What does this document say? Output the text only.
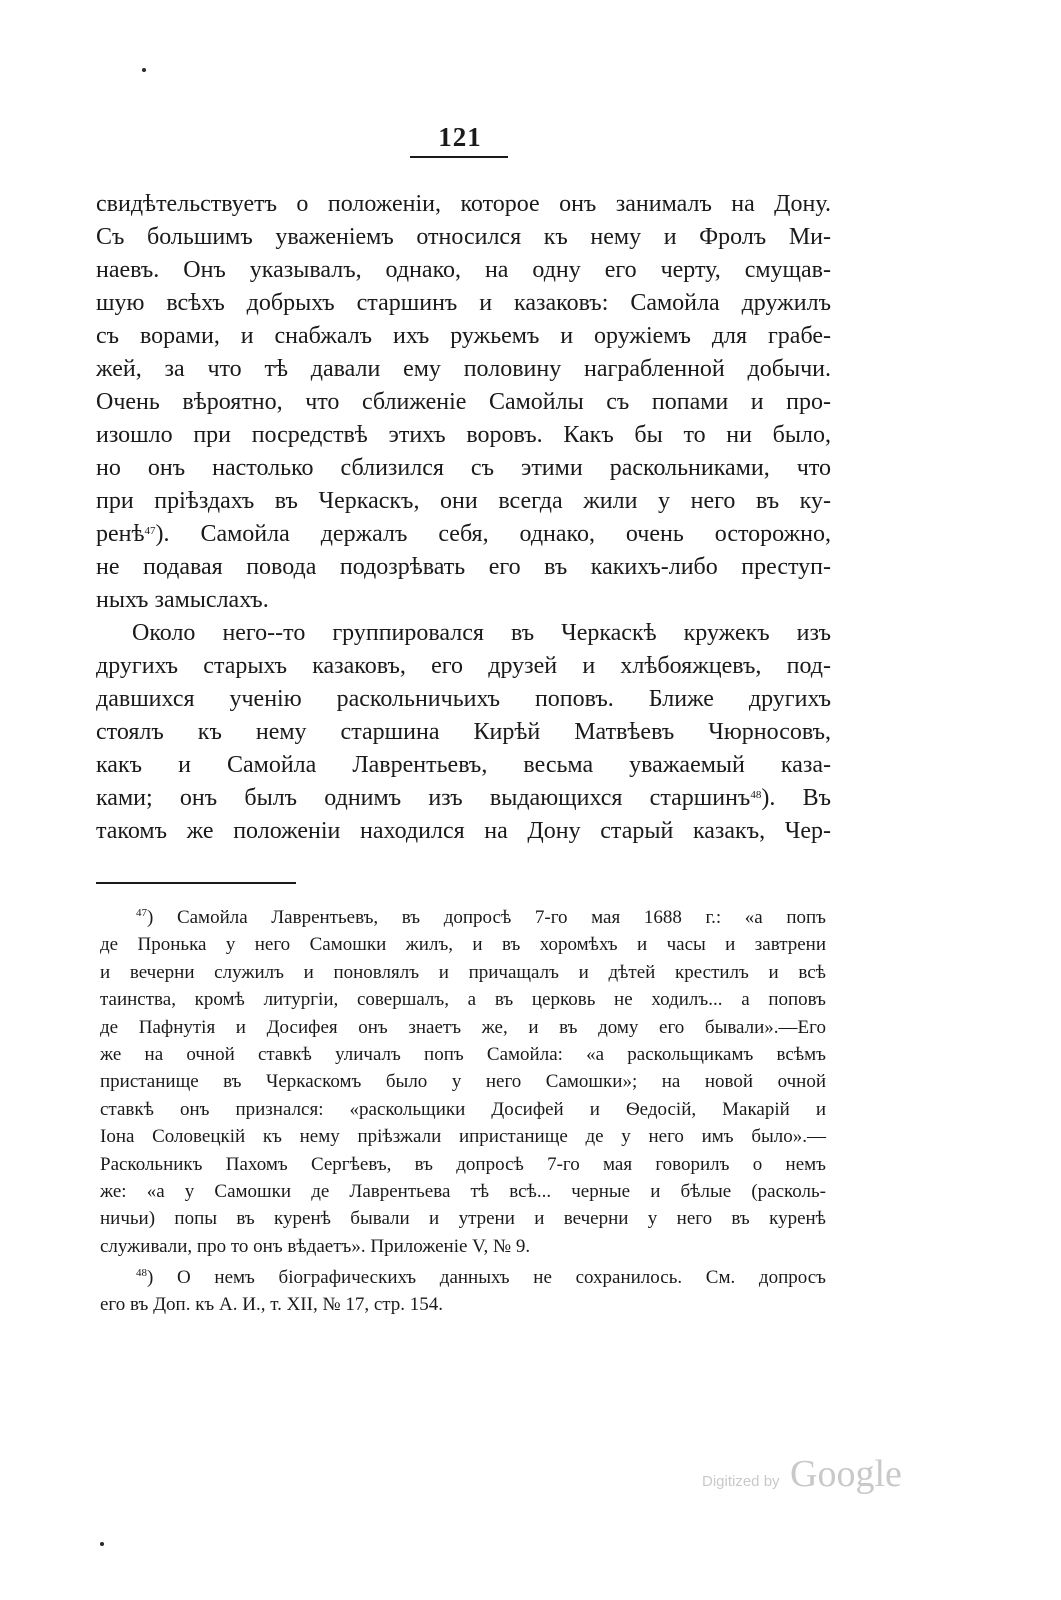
121
свидѣтельствуетъ о положенiи, которое онъ занималъ на Дону.
Съ большимъ уваженiемъ относился къ нему и Фролъ Ми-
наевъ. Онъ указывалъ, однако, на одну его черту, смущав-
шую всѣхъ добрыхъ старшинъ и казаковъ: Самойла дружилъ
съ ворами, и снабжалъ ихъ ружьемъ и оружiемъ для грабе-
жей, за что тѣ давали ему половину награбленной добычи.
Очень вѣроятно, что сближенiе Самойлы съ попами и про-
изошло при посредствѣ этихъ воровъ. Какъ бы то ни было,
но онъ настолько сблизился съ этими раскольниками, что
при прiѣздахъ въ Черкаскъ, они всегда жили у него въ ку-
ренѣ$^{47}$). Самойла держалъ себя, однако, очень осторожно,
не подавая повода подозрѣвать его въ какихъ-либо преступ-
ныхъ замыслахъ.
Около него--то группировался въ Черкаскѣ кружекъ изъ
другихъ старыхъ казаковъ, его друзей и хлѣбояжцевъ, под-
давшихся ученiю раскольничьихъ поповъ. Ближе другихъ
стоялъ къ нему старшина Кирѣй Матвѣевъ Чюрносовъ,
какъ и Самойла Лаврентьевъ, весьма уважаемый каза-
ками; онъ былъ однимъ изъ выдающихся старшинъ$^{48}$). Въ
такомъ же положенiи находился на Дону старый казакъ, Чер-
$^{47}$) Самойла Лаврентьевъ, въ допросѣ 7-го мая 1688 г.: «а попъ
де Пронька у него Самошки жилъ, и въ хоромѣхъ и часы и завтрени
и вечерни служилъ и поновлялъ и причащалъ и дѣтей крестилъ и всѣ
таинства, кромѣ литургiи, совершалъ, а въ церковь не ходилъ... а поповъ
де Пафнутiя и Досифея онъ знаетъ же, и въ дому его бывали».—Его
же на очной ставкѣ уличалъ попъ Самойла: «а раскольщикамъ всѣмъ
пристанище въ Черкаскомъ было у него Самошки»; на новой очной
ставкѣ онъ признался: «раскольщики Досифей и Ѳедосiй, Макарiй и
Iона Соловецкiй къ нему прiѣзжали ипристанище де у него имъ было».—
Раскольникъ Пахомъ Сергѣевъ, въ допросѣ 7-го мая говорилъ о немъ
же: «а у Самошки де Лаврентьева тѣ всѣ... черные и бѣлые (расколь-
ничьи) попы въ куренѣ бывали и утрени и вечерни у него въ куренѣ
служивали, про то онъ вѣдаетъ». Приложенiе V, № 9.
$^{48}$) О немъ бiографическихъ данныхъ не сохранилось. См. допросъ
его въ Доп. къ А. И., т. XII, № 17, стр. 154.
Digitized by Google
